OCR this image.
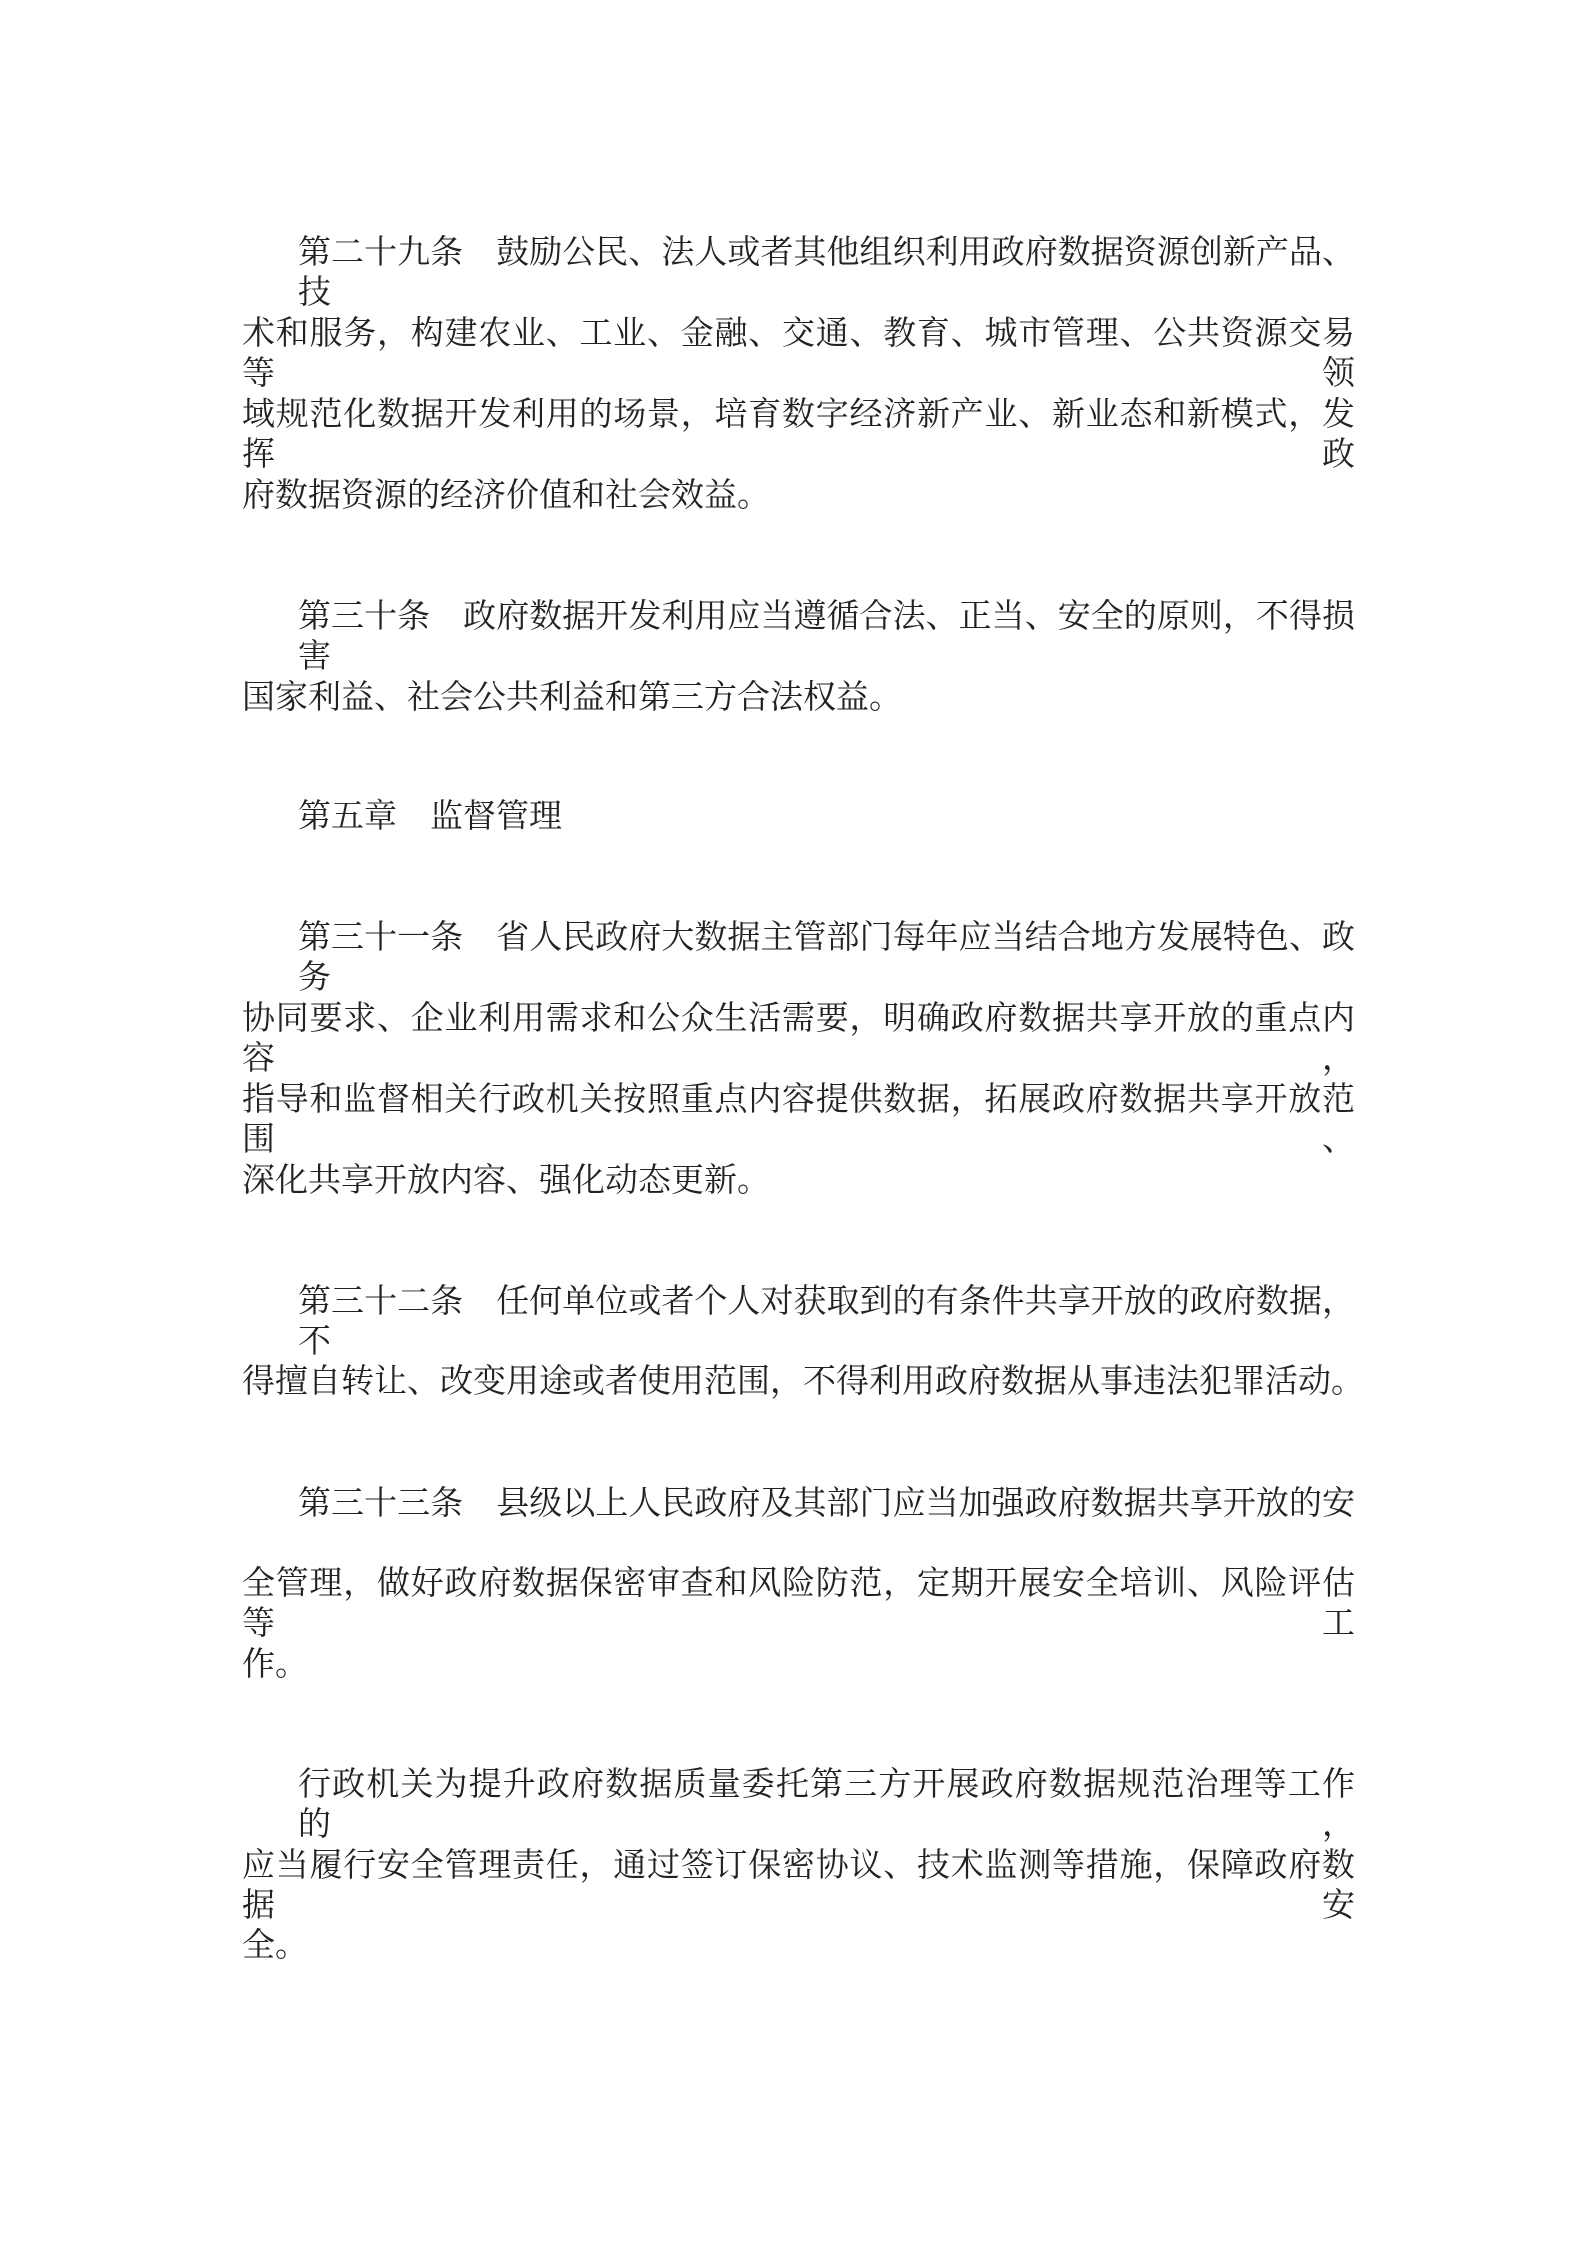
第二十九条　鼓励公民、法人或者其他组织利用政府数据资源创新产品、技
术和服务，构建农业、工业、金融、交通、教育、城市管理、公共资源交易等领
域规范化数据开发利用的场景，培育数字经济新产业、新业态和新模式，发挥政
府数据资源的经济价值和社会效益。
第三十条　政府数据开发利用应当遵循合法、正当、安全的原则，不得损害
国家利益、社会公共利益和第三方合法权益。
第五章　监督管理
第三十一条　省人民政府大数据主管部门每年应当结合地方发展特色、政务
协同要求、企业利用需求和公众生活需要，明确政府数据共享开放的重点内容，
指导和监督相关行政机关按照重点内容提供数据，拓展政府数据共享开放范围、
深化共享开放内容、强化动态更新。
第三十二条　任何单位或者个人对获取到的有条件共享开放的政府数据，不
得擅自转让、改变用途或者使用范围，不得利用政府数据从事违法犯罪活动。
第三十三条　县级以上人民政府及其部门应当加强政府数据共享开放的安
全管理，做好政府数据保密审查和风险防范，定期开展安全培训、风险评估等工
作。
行政机关为提升政府数据质量委托第三方开展政府数据规范治理等工作的，
应当履行安全管理责任，通过签订保密协议、技术监测等措施，保障政府数据安
全。
